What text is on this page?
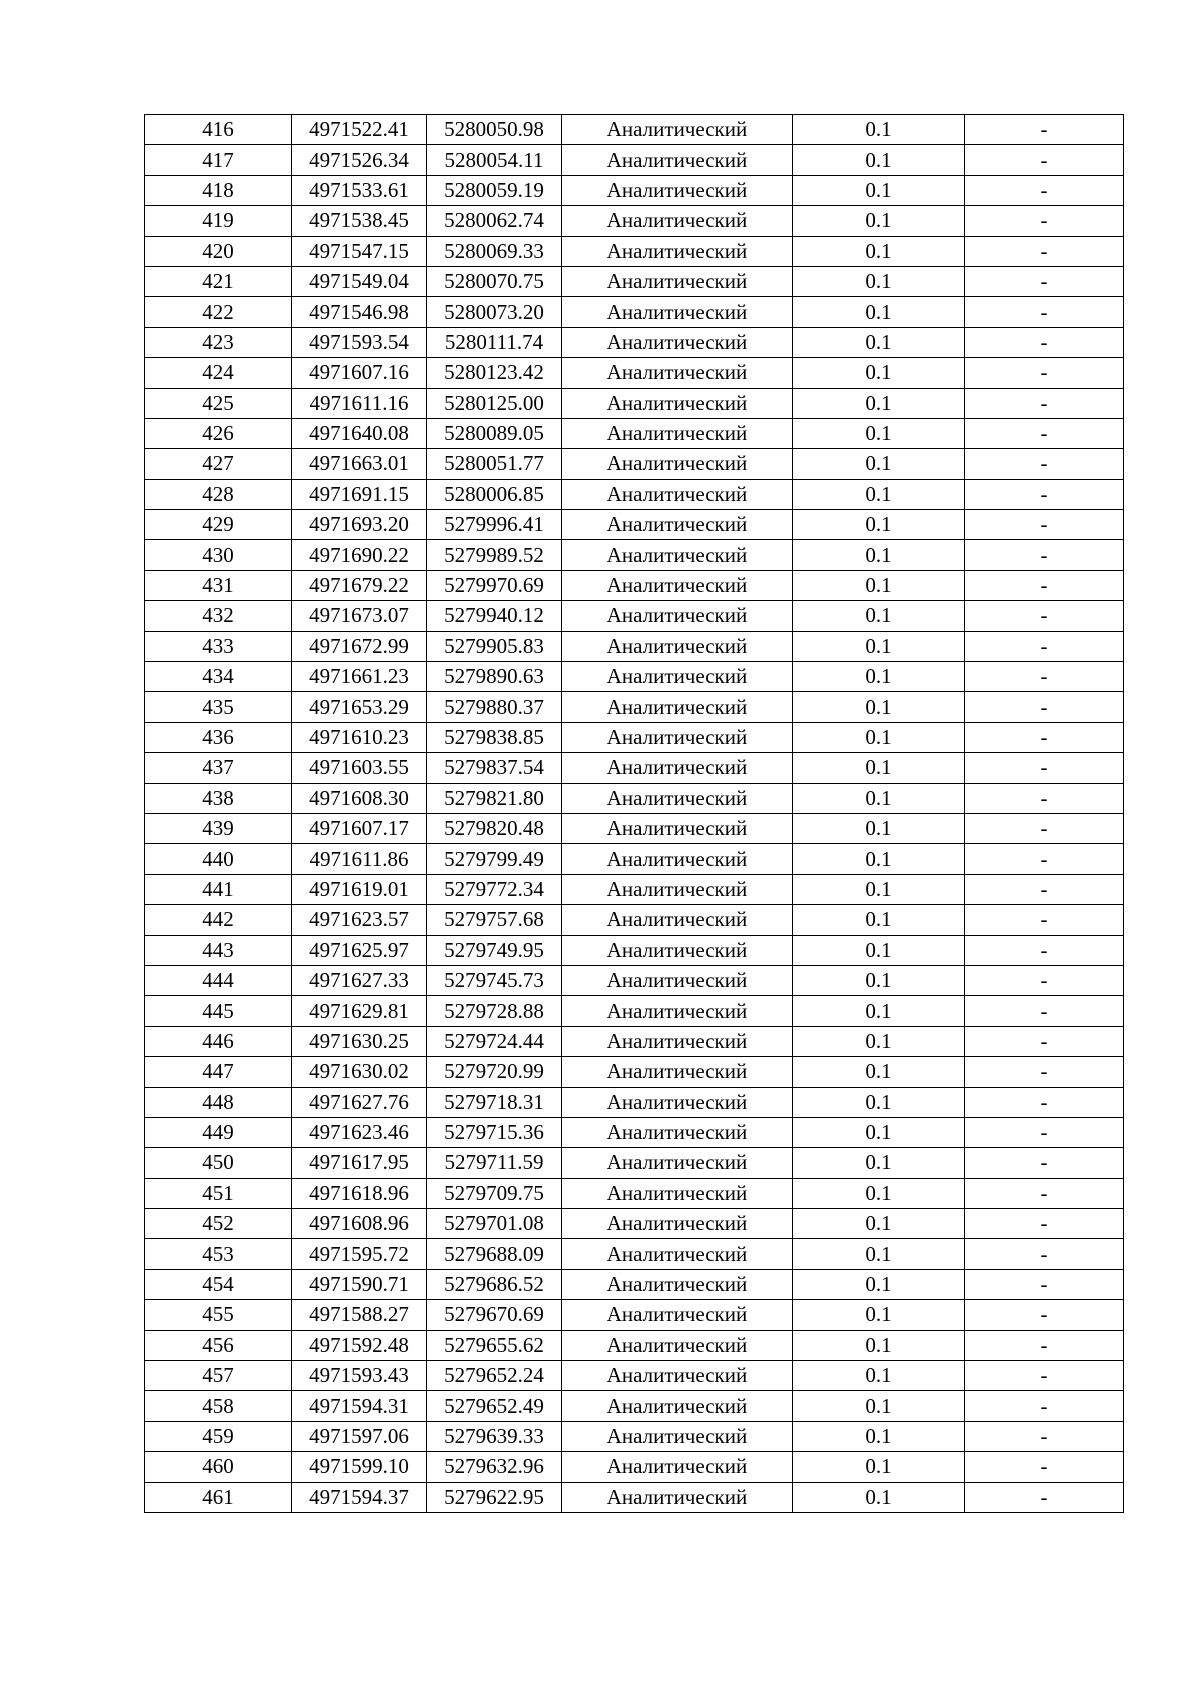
416	4971522.41	5280050.98	Аналитический	0.1	-
417	4971526.34	5280054.11	Аналитический	0.1	-
418	4971533.61	5280059.19	Аналитический	0.1	-
419	4971538.45	5280062.74	Аналитический	0.1	-
420	4971547.15	5280069.33	Аналитический	0.1	-
421	4971549.04	5280070.75	Аналитический	0.1	-
422	4971546.98	5280073.20	Аналитический	0.1	-
423	4971593.54	5280111.74	Аналитический	0.1	-
424	4971607.16	5280123.42	Аналитический	0.1	-
425	4971611.16	5280125.00	Аналитический	0.1	-
426	4971640.08	5280089.05	Аналитический	0.1	-
427	4971663.01	5280051.77	Аналитический	0.1	-
428	4971691.15	5280006.85	Аналитический	0.1	-
429	4971693.20	5279996.41	Аналитический	0.1	-
430	4971690.22	5279989.52	Аналитический	0.1	-
431	4971679.22	5279970.69	Аналитический	0.1	-
432	4971673.07	5279940.12	Аналитический	0.1	-
433	4971672.99	5279905.83	Аналитический	0.1	-
434	4971661.23	5279890.63	Аналитический	0.1	-
435	4971653.29	5279880.37	Аналитический	0.1	-
436	4971610.23	5279838.85	Аналитический	0.1	-
437	4971603.55	5279837.54	Аналитический	0.1	-
438	4971608.30	5279821.80	Аналитический	0.1	-
439	4971607.17	5279820.48	Аналитический	0.1	-
440	4971611.86	5279799.49	Аналитический	0.1	-
441	4971619.01	5279772.34	Аналитический	0.1	-
442	4971623.57	5279757.68	Аналитический	0.1	-
443	4971625.97	5279749.95	Аналитический	0.1	-
444	4971627.33	5279745.73	Аналитический	0.1	-
445	4971629.81	5279728.88	Аналитический	0.1	-
446	4971630.25	5279724.44	Аналитический	0.1	-
447	4971630.02	5279720.99	Аналитический	0.1	-
448	4971627.76	5279718.31	Аналитический	0.1	-
449	4971623.46	5279715.36	Аналитический	0.1	-
450	4971617.95	5279711.59	Аналитический	0.1	-
451	4971618.96	5279709.75	Аналитический	0.1	-
452	4971608.96	5279701.08	Аналитический	0.1	-
453	4971595.72	5279688.09	Аналитический	0.1	-
454	4971590.71	5279686.52	Аналитический	0.1	-
455	4971588.27	5279670.69	Аналитический	0.1	-
456	4971592.48	5279655.62	Аналитический	0.1	-
457	4971593.43	5279652.24	Аналитический	0.1	-
458	4971594.31	5279652.49	Аналитический	0.1	-
459	4971597.06	5279639.33	Аналитический	0.1	-
460	4971599.10	5279632.96	Аналитический	0.1	-
461	4971594.37	5279622.95	Аналитический	0.1	-
